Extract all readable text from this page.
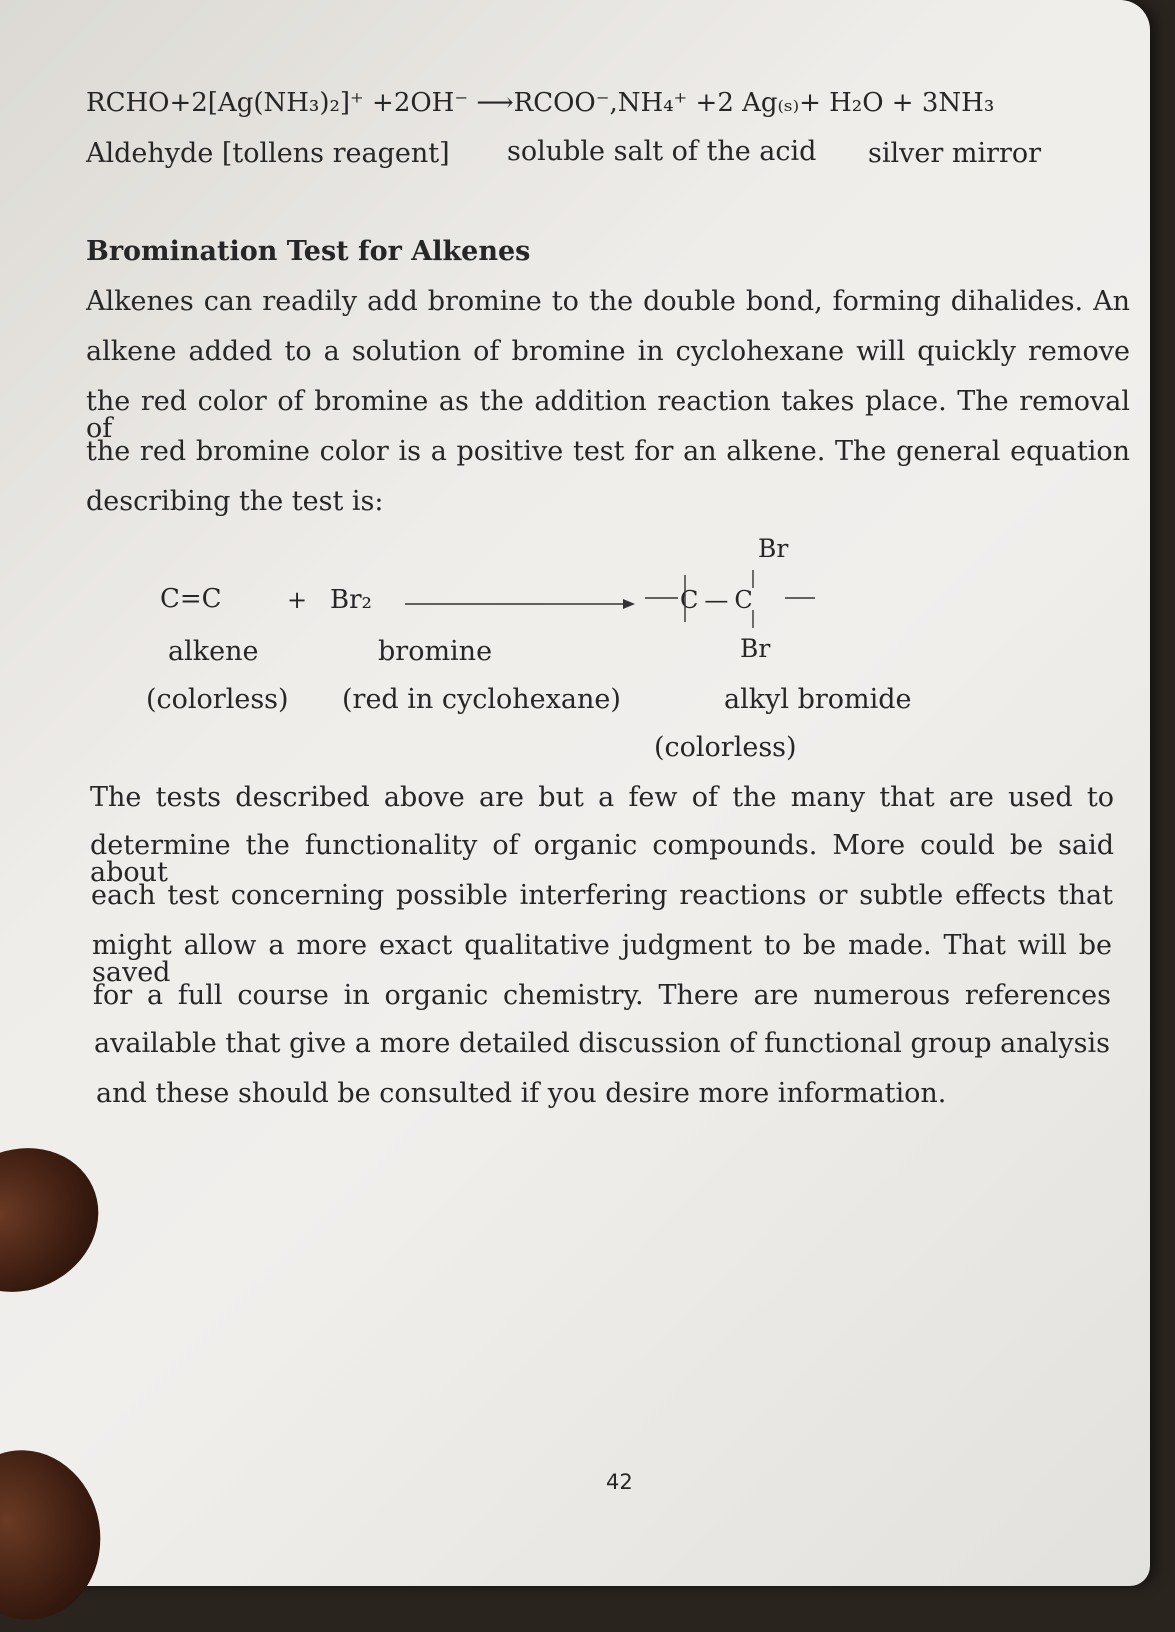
RCHO+2[Ag(NH₃)₂]⁺ +2OH⁻ ⟶RCOO⁻,NH₄⁺ +2 Ag₍ₛ₎+ H₂O + 3NH₃
Aldehyde [tollens reagent] soluble salt of the acid silver mirror
Bromination Test for Alkenes
Alkenes can readily add bromine to the double bond, forming dihalides. An
alkene added to a solution of bromine in cyclohexane will quickly remove
the red color of bromine as the addition reaction takes place. The removal of
the red bromine color is a positive test for an alkene. The general equation
describing the test is:
C=C	+ Br₂
Br
C—C
Br
alkene	bromine
(colorless) (red in cyclohexane)	alkyl bromide
(colorless)
The tests described above are but a few of the many that are used to
determine the functionality of organic compounds. More could be said about
each test concerning possible interfering reactions or subtle effects that
might allow a more exact qualitative judgment to be made. That will be saved
for a full course in organic chemistry. There are numerous references
available that give a more detailed discussion of functional group analysis
and these should be consulted if you desire more information.
42
